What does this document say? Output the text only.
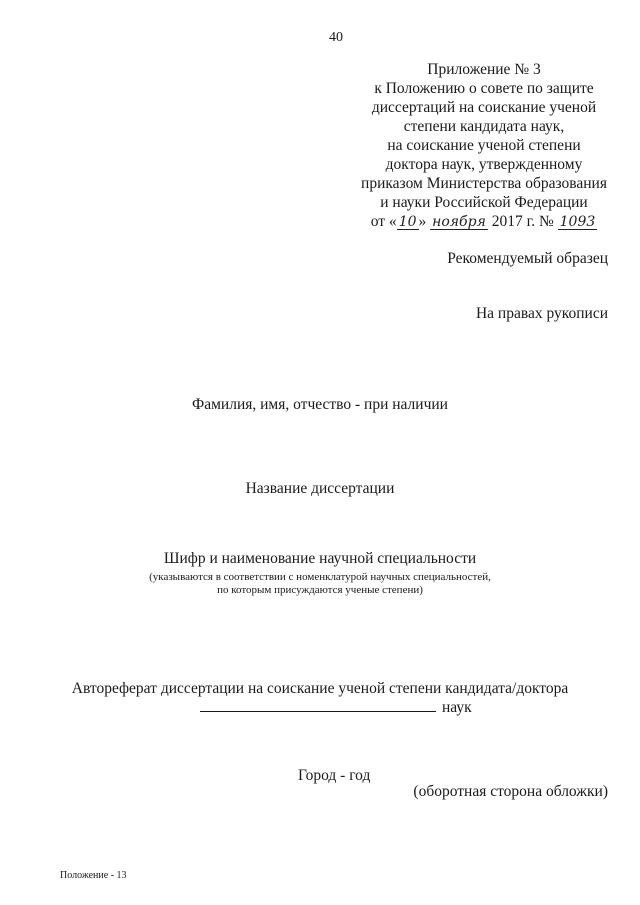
40
Приложение № 3
к Положению о совете по защите
диссертаций на соискание ученой
степени кандидата наук,
на соискание ученой степени
доктора наук, утвержденному
приказом Министерства образования
и науки Российской Федерации
от « 10 » ноября 2017 г. № 1093
Рекомендуемый образец
На правах рукописи
Фамилия, имя, отчество - при наличии
Название диссертации
Шифр и наименование научной специальности
(указываются в соответствии с номенклатурой научных специальностей,
по которым присуждаются ученые степени)
Автореферат диссертации на соискание ученой степени кандидата/доктора
наук
Город - год
(оборотная сторона обложки)
Положение - 13
